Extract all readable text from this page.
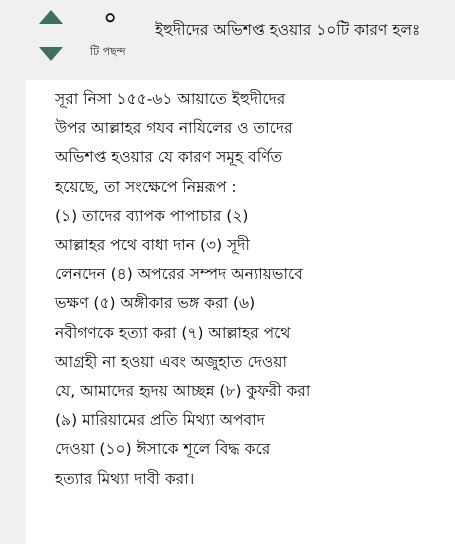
০
টি পছন্দ
ইহুদীদের অভিশপ্ত হওয়ার ১০টি কারণ হলঃ
সূরা নিসা ১৫৫-৬১ আয়াতে ইহুদীদের
উপর আল্লাহর গযব নাযিলের ও তাদের
অভিশপ্ত হওয়ার যে কারণ সমূহ বর্ণিত
হয়েছে, তা সংক্ষেপে নিম্নরূপ :
(১) তাদের ব্যাপক পাপাচার (২)
আল্লাহর পথে বাধা দান (৩) সূদী
লেনদেন (৪) অপরের সম্পদ অন্যায়ভাবে
ভক্ষণ (৫) অঙ্গীকার ভঙ্গ করা (৬)
নবীগণকে হত্যা করা (৭) আল্লাহর পথে
আগ্রহী না হওয়া এবং অজুহাত দেওয়া
যে, আমাদের হৃদয় আচ্ছন্ন (৮) কুফরী করা
(৯) মারিয়ামের প্রতি মিথ্যা অপবাদ
দেওয়া (১০) ঈসাকে শূলে বিদ্ধ করে
হত্যার মিথ্যা দাবী করা।
